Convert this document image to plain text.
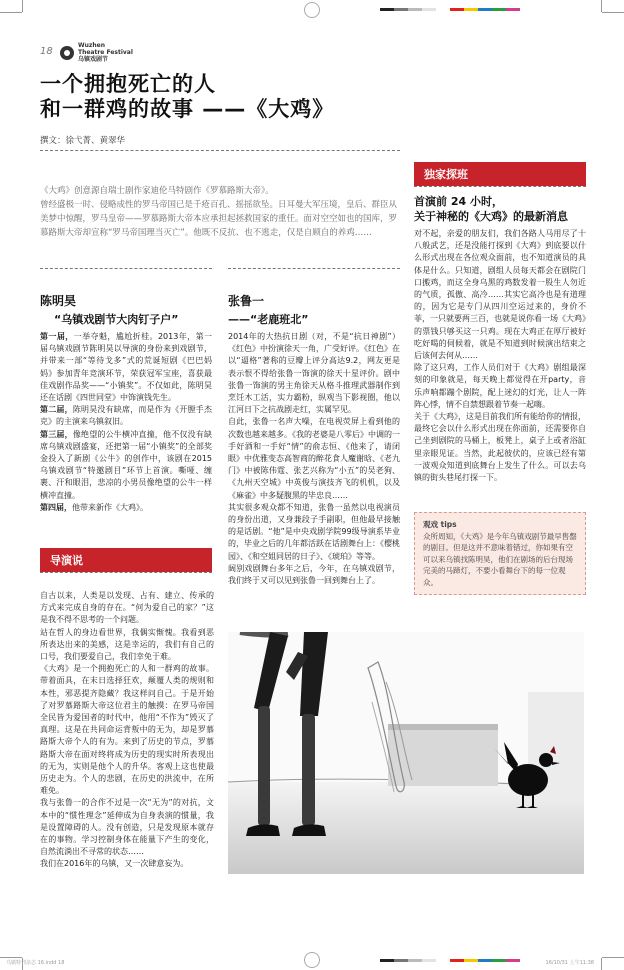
18
Wuzhen
Theatre Festival
乌镇戏剧节
一个拥抱死亡的人
和一群鸡的故事 ——《大鸡》
撰文：徐弋菁、黄翠华
《大鸡》创意源自瑞士剧作家迪伦马特剧作《罗慕路斯大帝》。
曾经盛极一时、侵略成性的罗马帝国已是千疮百孔、摇摇欲坠。日耳曼大军压境，皇后、群臣从美梦中惊醒，罗马皇帝——罗慕路斯大帝本应承担起拯救国家的重任。面对空空如也的国库，罗慕路斯大帝却宣称“罗马帝国理当灭亡”。他既不反抗、也不逃走，仅是自顾自的养鸡……
陈明昊
“乌镇戏剧节大肉钉子户”

第一届，一举夺魁，尴尬折桂。2013年，第一届乌镇戏剧节陈明昊以导演的身份来到戏剧节，并带来一部“等待戈多”式的荒诞短剧《巴巴妈妈》参加青年竞演环节，荣获冠军宝座，喜获最佳戏剧作品奖——“小镇奖”。不仅如此，陈明昊还在话剧《四世同堂》中饰演钱先生。

第二届，陈明昊没有缺席，而是作为《开膛手杰克》的主演来乌镇叙旧。

第三届，像绝望的公牛横冲直撞，他不仅没有缺席乌镇戏剧盛宴，还把第一届“小镇奖”的全部奖金投入了新剧《公牛》的创作中，该剧在2015乌镇戏剧节“特邀剧目”环节上首演。嘶哑、缠裹、汗和眼泪，悲凉的小男员像绝望的公牛一样横冲直撞。

第四届，他带来新作《大鸡》。

导演说

自古以来，人类是以发现、占有、建立、传承的方式来完成自身的存在。“何为爱自己的家？”这是我不得不思考的一个问题。

站在哲人的身边看世界，我偶实惭愧。我看到恶所表达出来的美感，这是幸运的，我们有自己的口号，我们要爱自己，我们幸免于难。

《大鸡》是一个拥抱死亡的人和一群鸡的故事。带着面具，在末日选择狂欢，颠覆人类的规则和本性，邪恶提齐隐藏？我这样问自己。于是开始了对罗慕路斯大帝这位君主的触摸：在罗马帝国全民皆为爱国者的时代中，他用“不作为”毁灭了真理。这是在共同命运背叛中的无为，却是罗慕路斯大帝个人的有为。来到了历史的节点，罗慕路斯大帝在面对终将成为历史的现实时所表现出的无为，实则是他个人的升华。客观上这也使最历史走为。个人的悲剧，在历史的洪流中，在所难免。

我与张鲁一的合作不过是一次“无为”的对抗，文本中的“惯性理念”延伸成为自身表演的惯量，我是设置障碍的人。没有创造，只是发现原本就存在的事物。学习控制身体在能量下产生的变化，自然流淌出不寻常的状态……

我们在2016年的乌镇，又一次肆意妄为。

张鲁一
——“老鹿班北”

2014年的大热抗日剧（对，不是“抗日神剧”）《红色》中扮演徐天一角，广受好评。《红色》在以“逼格”著称的豆瓣上评分高达9.2，网友更是表示恨不得给张鲁一饰演的徐天十星评价。剧中张鲁一饰演的男主角徐天从格斗推理武器制作到烹饪木工活，实力霸粉，纵观当下影视圈，他以江河日下之抗战剧走红，实属罕见。

自此，张鲁一名声大噪，在电视荧屏上看到他的次数也越来越多。《我的老婆是八零后》中调的一手好酒和一手好“情”的俞志恒、《他来了，请闭眼》中优雅变态高智商的醉花食人魔谢晗、《老九门》中被陈伟霆、张艺兴称为“小五”的吴老狗、《九州天空城》中英俊与演技齐飞的机机，以及《麻雀》中多疑腹黑的毕忠良……

其实很多观众都不知道，张鲁一虽然以电视演员的身份出道，又身兼段子手副职，但他最早接触的是话剧。“他”是中央戏剧学院99级导演系毕业的，毕业之后的几年都活跃在话剧舞台上：《樱桃园》、《和空姐同居的日子》、《琥珀》等等。

阔别戏剧舞台多年之后，今年，在乌镇戏剧节，我们终于又可以见到张鲁一回到舞台上了。

独家探班
首演前 24 小时，
关于神秘的《大鸡》的最新消息

对不起，亲爱的朋友们，我们各路人马用尽了十八般武艺，还是没能打探到《大鸡》到底要以什么形式出现在各位观众面前，也不知道演员的具体是什么。只知道，剧组人员每天都会在剧院门口搬鸡，而这全身乌黑的鸡数发着一股生人勿近的气质，孤傲、高冷……其实它高冷也是有道理的，因为它是专门从四川空运过来的，身价不菲，一只就要两三百，也就是说你看一场《大鸡》的票钱只够买这一只鸡。现在大鸡正在厚厅被好吃好喝的伺候着，就是不知道到时候演出结束之后该何去何从……

除了这只鸡，工作人员们对于《大鸡》剧组最深刻的印象就是，每天晚上都觉得在开party，音乐声响都蹦个剧院，配上迷幻的灯光，让人一阵阵心悸，情不自禁想跟着节奏一起嗨。

关于《大鸡》，这是目前我们所有能给你的情报，最终它会以什么形式出现在你面前，还需要你自己坐到剧院的马桶上，板凳上，桌子上或者浴缸里亲眼见证。当然，此起彼伏的，应该已经有第一波观众知道到底舞台上发生了什么。可以去乌镇的街头巷尾打探一下。

观戏 tips
众所周知，《大鸡》是今年乌镇戏剧节最早售罄的剧目。但是这并不意味着错过，你如果有空可以来乌镇找陈明昊，他们在剧场的后台现场完美的马蹄灯，不要小看舞台下的每一位观众。
乌镇特刊杂志 16.indd 18	16/10/31 上午11:38
